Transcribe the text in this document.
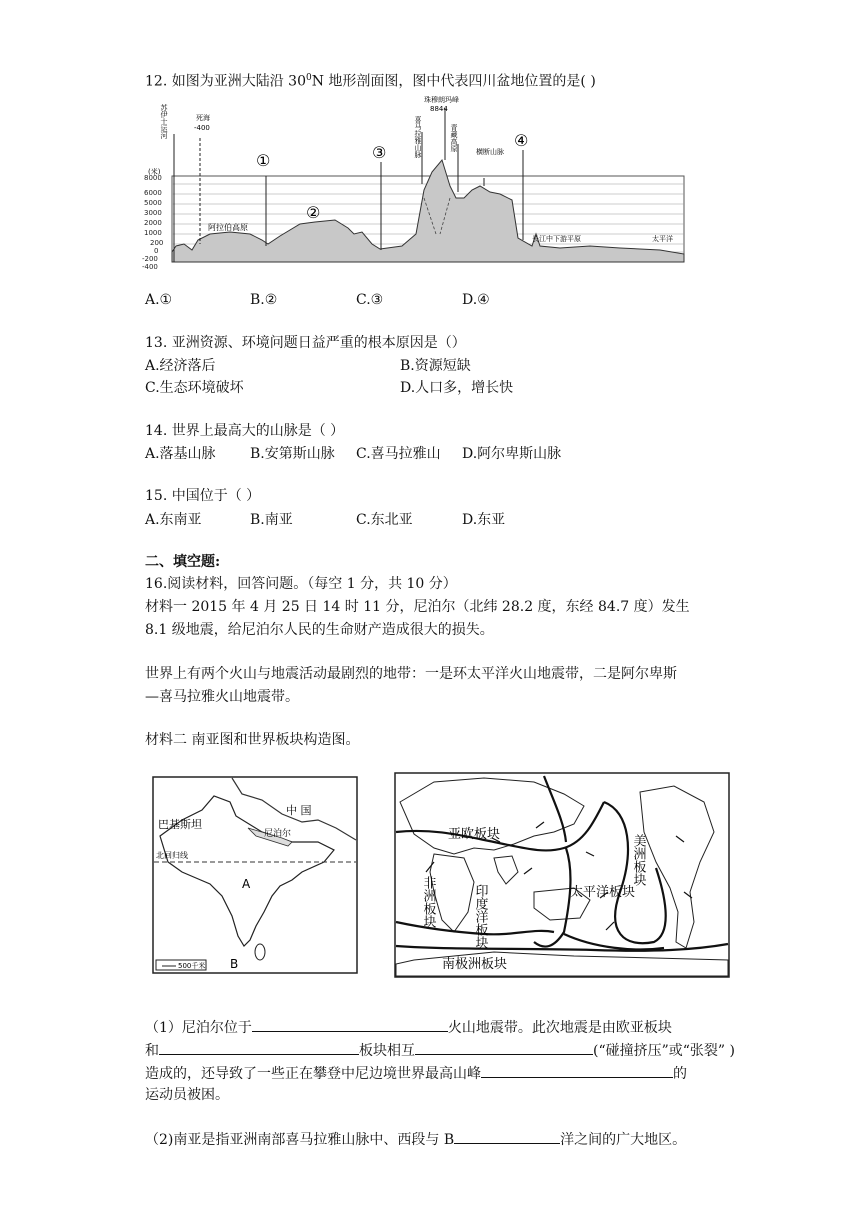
12. 如图为亚洲大陆沿 $30^0N$ 地形剖面图，图中代表四川盆地位置的是( )
(米)
8000
6000
5000
3000
2000
1000
200
0
-200
-400
苏伊士运河	死海
-400
珠穆朗玛峰
8844
喜马拉雅山脉	青藏高原	横断山脉
阿拉伯高原
长江中下游平原	太平洋
①
②
③
④
A.①	B.②	C.③	D.④
13. 亚洲资源、环境问题日益严重的根本原因是（）
A.经济落后	B.资源短缺
C.生态环境破坏	D.人口多，增长快
14. 世界上最高大的山脉是（ ）
A.落基山脉 B.安第斯山脉 C.喜马拉雅山 D.阿尔卑斯山脉
15. 中国位于（ ）
A.东南亚	B.南亚	C.东北亚	D.东亚
二、填空题:
16.阅读材料，回答问题。（每空 1 分，共 10 分）
材料一 2015 年 4 月 25 日 14 时 11 分，尼泊尔（北纬 28.2 度，东经 84.7 度）发生
8.1 级地震，给尼泊尔人民的生命财产造成很大的损失。
世界上有两个火山与地震活动最剧烈的地带：一是环太平洋火山地震带，二是阿尔卑斯
—喜马拉雅火山地震带。
材料二 南亚图和世界板块构造图。
北回归线
中 国
巴基斯坦
尼泊尔
A
B
500千米
亚欧板块
非洲板块	印度洋板块	太平洋板块
美洲板块
南极洲板块
（1）尼泊尔位于	火山地震带。此次地震是由欧亚板块
和	板块相互	(“碰撞挤压”或“张裂” )
造成的，还导致了一些正在攀登中尼边境世界最高山峰	的
运动员被困。
（2)南亚是指亚洲南部喜马拉雅山脉中、西段与 B	洋之间的广大地区。
